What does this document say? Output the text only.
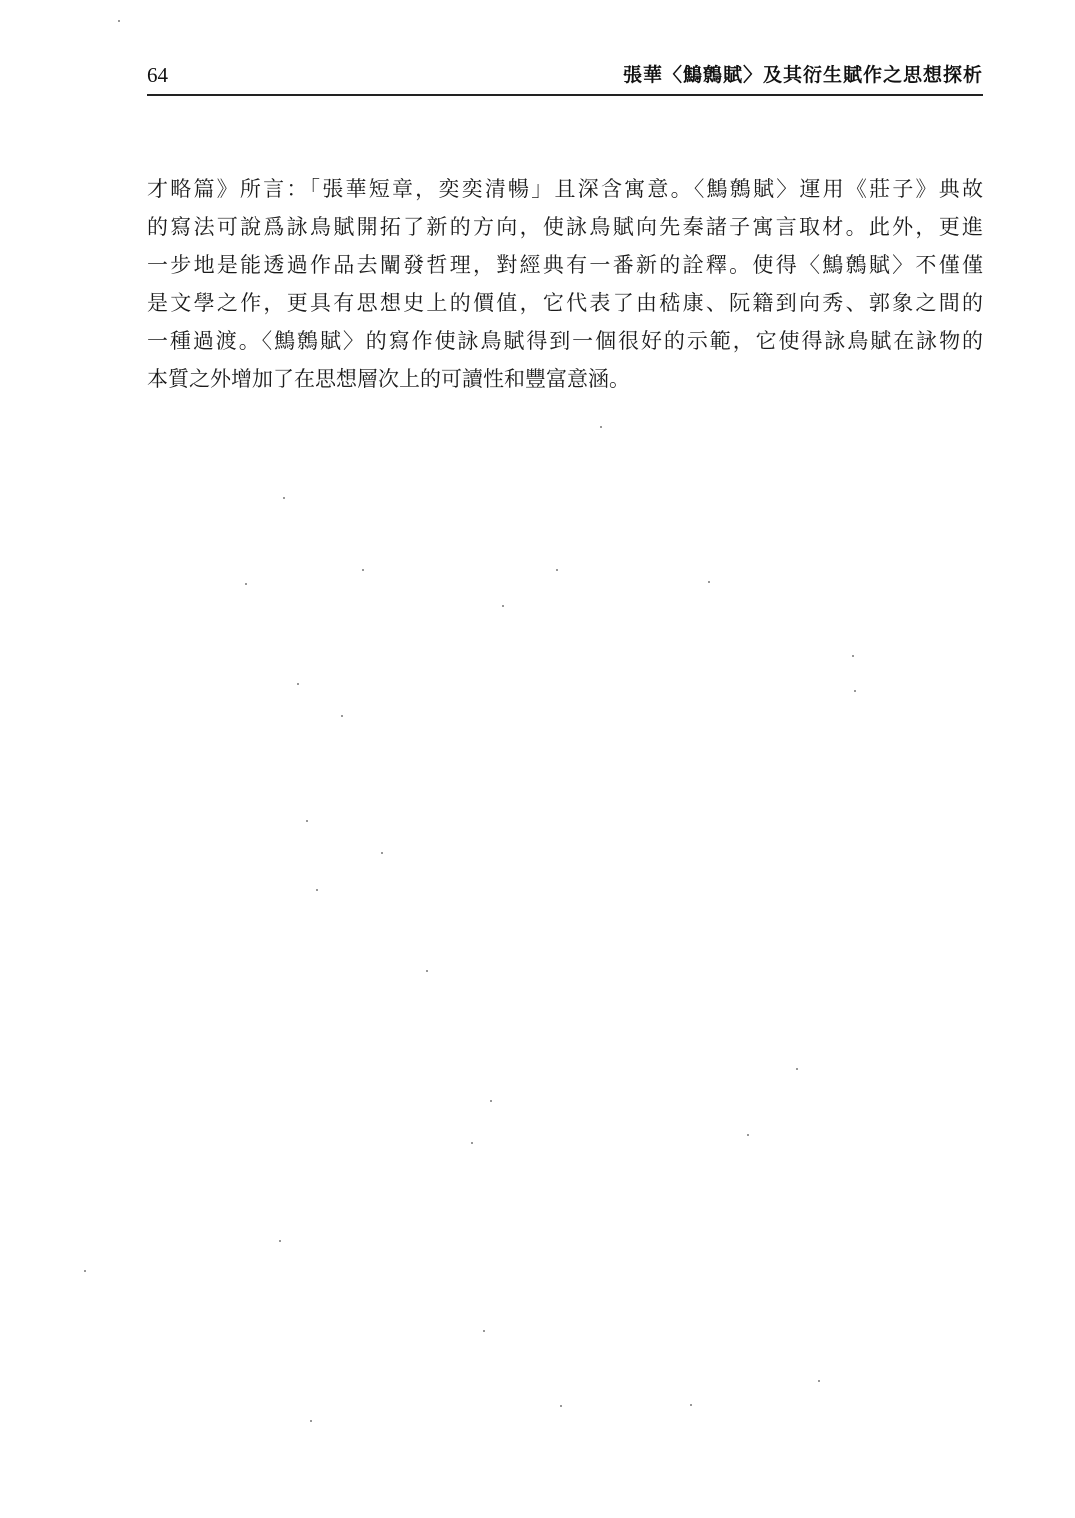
64	張華〈鷦鷯賦〉及其衍生賦作之思想探析
才略篇》所言：「張華短章，奕奕清暢」且深含寓意。〈鷦鷯賦〉運用《莊子》典故
的寫法可說爲詠鳥賦開拓了新的方向，使詠鳥賦向先秦諸子寓言取材。此外，更進
一步地是能透過作品去闡發哲理，對經典有一番新的詮釋。使得〈鷦鷯賦〉不僅僅
是文學之作，更具有思想史上的價值，它代表了由嵇康、阮籍到向秀、郭象之間的
一種過渡。〈鷦鷯賦〉的寫作使詠鳥賦得到一個很好的示範，它使得詠鳥賦在詠物的
本質之外增加了在思想層次上的可讀性和豐富意涵。
